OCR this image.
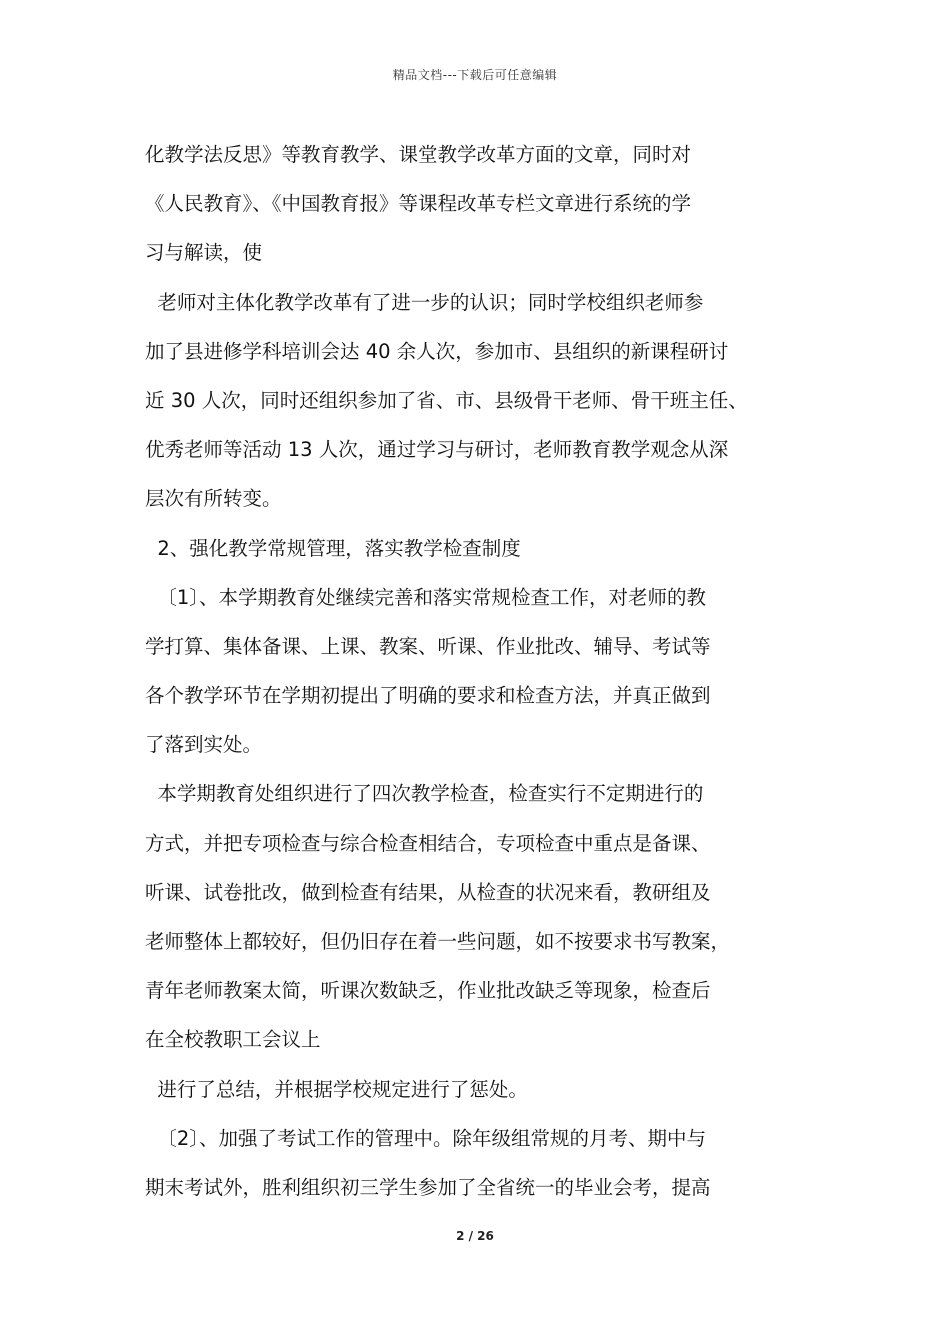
精品文档---下载后可任意编辑
化教学法反思》等教育教学、课堂教学改革方面的文章，同时对
《人民教育》、《中国教育报》等课程改革专栏文章进行系统的学
习与解读，使
老师对主体化教学改革有了进一步的认识；同时学校组织老师参
加了县进修学科培训会达 40 余人次，参加市、县组织的新课程研讨
近 30 人次，同时还组织参加了省、市、县级骨干老师、骨干班主任、
优秀老师等活动 13 人次，通过学习与研讨，老师教育教学观念从深
层次有所转变。
2、强化教学常规管理，落实教学检查制度
〔1〕、本学期教育处继续完善和落实常规检查工作，对老师的教
学打算、集体备课、上课、教案、听课、作业批改、辅导、考试等
各个教学环节在学期初提出了明确的要求和检查方法，并真正做到
了落到实处。
本学期教育处组织进行了四次教学检查，检查实行不定期进行的
方式，并把专项检查与综合检查相结合，专项检查中重点是备课、
听课、试卷批改，做到检查有结果，从检查的状况来看，教研组及
老师整体上都较好，但仍旧存在着一些问题，如不按要求书写教案，
青年老师教案太简，听课次数缺乏，作业批改缺乏等现象，检查后
在全校教职工会议上
进行了总结，并根据学校规定进行了惩处。
〔2〕、加强了考试工作的管理中。除年级组常规的月考、期中与
期末考试外，胜利组织初三学生参加了全省统一的毕业会考，提高
2 / 26
